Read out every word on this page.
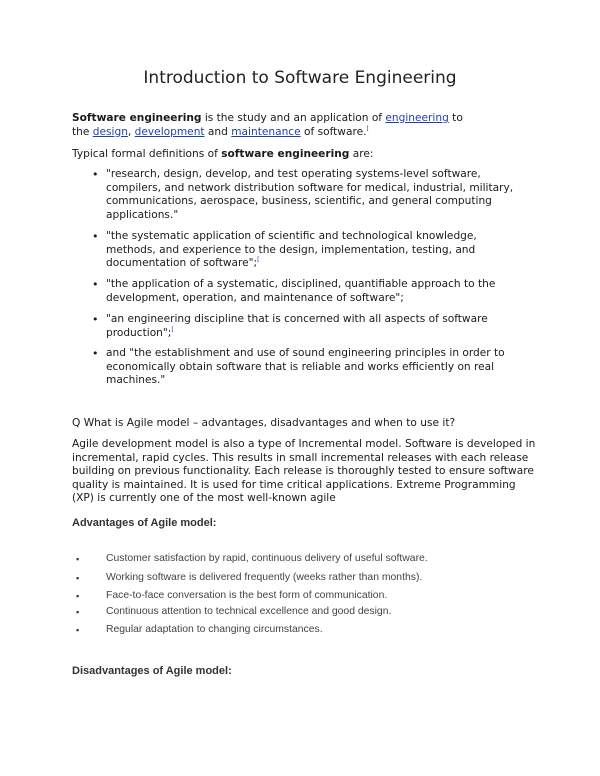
Introduction to Software Engineering
Software engineering is the study and an application of engineering to
the design, development and maintenance of software.[
Typical formal definitions of software engineering are:
• "research, design, develop, and test operating systems-level software, compilers, and network distribution software for medical, industrial, military, communications, aerospace, business, scientific, and general computing applications."
• "the systematic application of scientific and technological knowledge, methods, and experience to the design, implementation, testing, and documentation of software";[
• "the application of a systematic, disciplined, quantifiable approach to the development, operation, and maintenance of software";
• "an engineering discipline that is concerned with all aspects of software production";[
• and "the establishment and use of sound engineering principles in order to economically obtain software that is reliable and works efficiently on real machines."
Q What is Agile model – advantages, disadvantages and when to use it?
Agile development model is also a type of Incremental model. Software is developed in incremental, rapid cycles. This results in small incremental releases with each release building on previous functionality. Each release is thoroughly tested to ensure software quality is maintained. It is used for time critical applications. Extreme Programming (XP) is currently one of the most well-known agile
Advantages of Agile model:
▪	Customer satisfaction by rapid, continuous delivery of useful software.
▪	Working software is delivered frequently (weeks rather than months).
▪	Face-to-face conversation is the best form of communication.
▪	Continuous attention to technical excellence and good design.
▪	Regular adaptation to changing circumstances.
Disadvantages of Agile model:
